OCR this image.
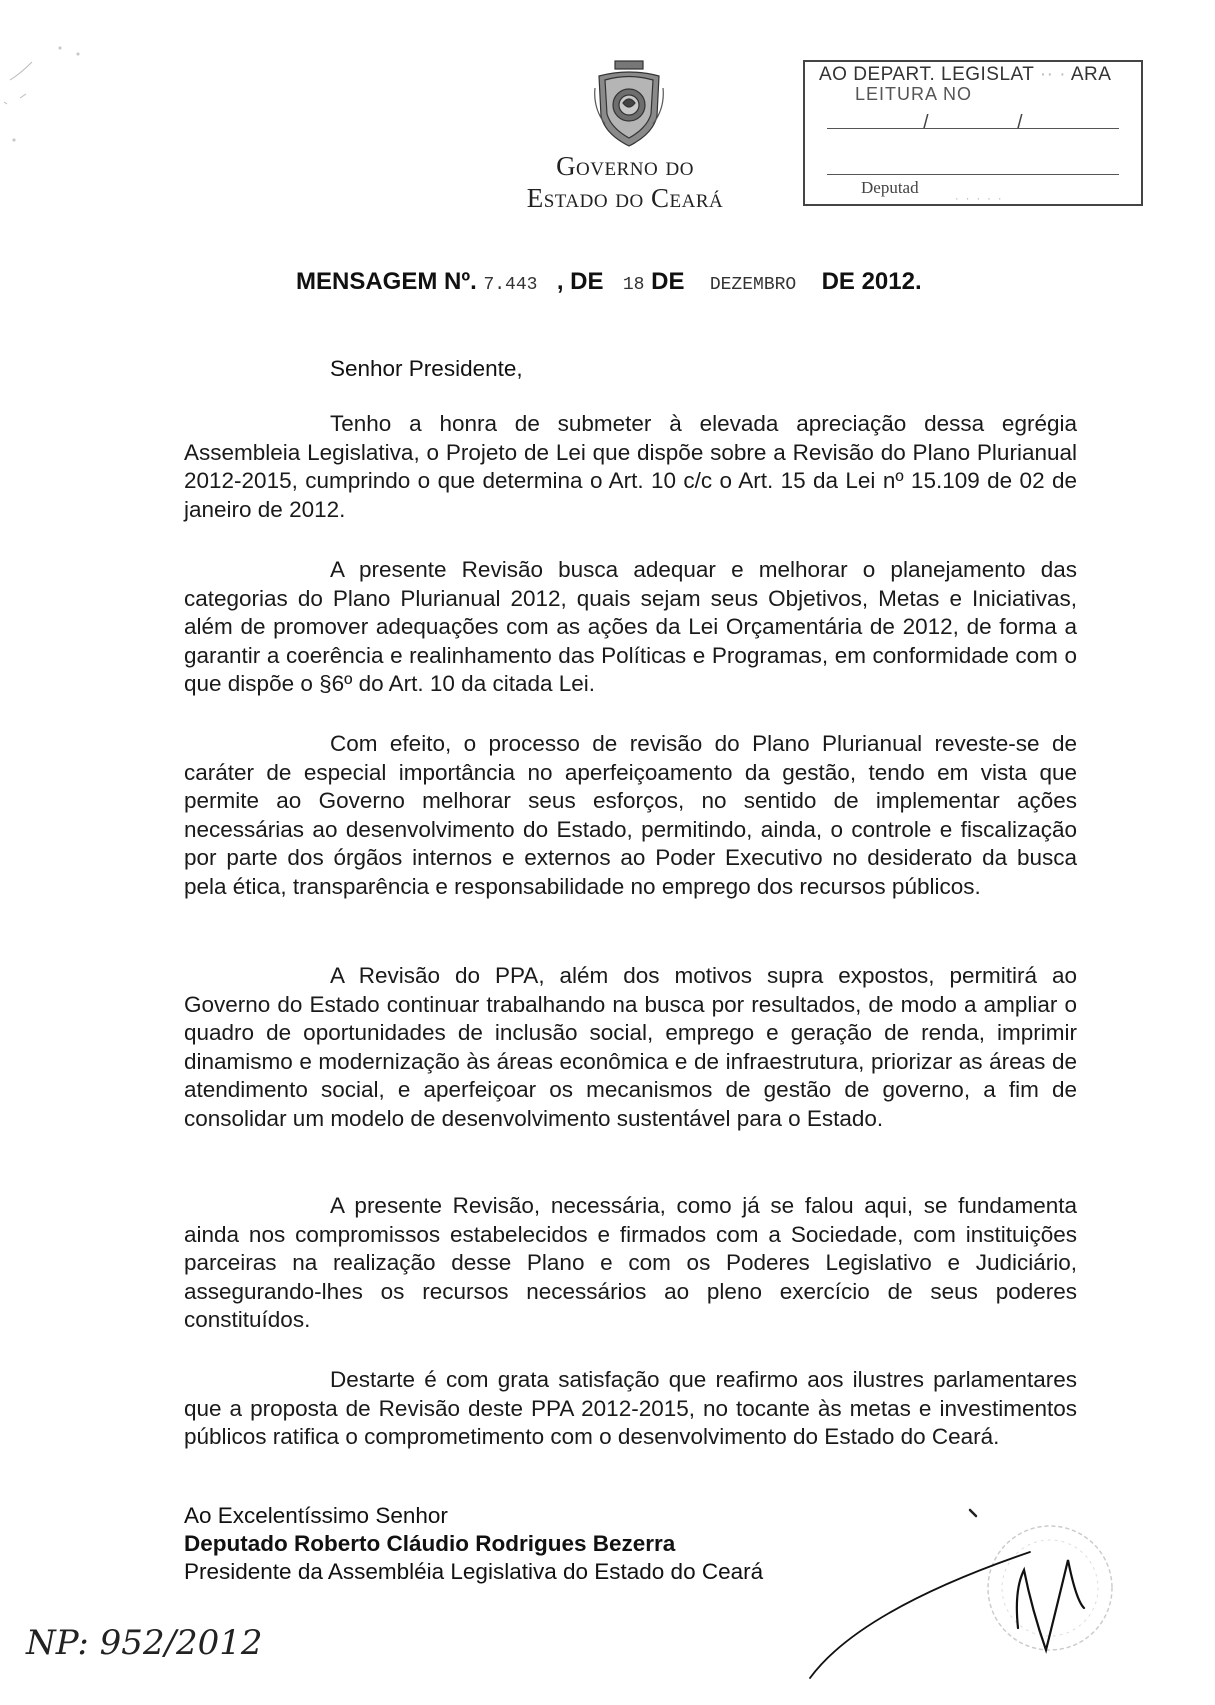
Governo do
Estado do Ceará
AO DEPART. LEGISLAT ·· · ARA
LEITURA NO
/	/
Deputad
· · · · ·
MENSAGEM Nº. 7.443 , DE 18 DE DEZEMBRO DE 2012.
Senhor Presidente,

Tenho a honra de submeter à elevada apreciação dessa egrégia Assembleia Legislativa, o Projeto de Lei que dispõe sobre a Revisão do Plano Plurianual 2012-2015, cumprindo o que determina o Art. 10 c/c o Art. 15 da Lei nº 15.109 de 02 de janeiro de 2012.

A presente Revisão busca adequar e melhorar o planejamento das categorias do Plano Plurianual 2012, quais sejam seus Objetivos, Metas e Iniciativas, além de promover adequações com as ações da Lei Orçamentária de 2012, de forma a garantir a coerência e realinhamento das Políticas e Programas, em conformidade com o que dispõe o §6º do Art. 10 da citada Lei.

Com efeito, o processo de revisão do Plano Plurianual reveste-se de caráter de especial importância no aperfeiçoamento da gestão, tendo em vista que permite ao Governo melhorar seus esforços, no sentido de implementar ações necessárias ao desenvolvimento do Estado, permitindo, ainda, o controle e fiscalização por parte dos órgãos internos e externos ao Poder Executivo no desiderato da busca pela ética, transparência e responsabilidade no emprego dos recursos públicos.

A Revisão do PPA, além dos motivos supra expostos, permitirá ao Governo do Estado continuar trabalhando na busca por resultados, de modo a ampliar o quadro de oportunidades de inclusão social, emprego e geração de renda, imprimir dinamismo e modernização às áreas econômica e de infraestrutura, priorizar as áreas de atendimento social, e aperfeiçoar os mecanismos de gestão de governo, a fim de consolidar um modelo de desenvolvimento sustentável para o Estado.

A presente Revisão, necessária, como já se falou aqui, se fundamenta ainda nos compromissos estabelecidos e firmados com a Sociedade, com instituições parceiras na realização desse Plano e com os Poderes Legislativo e Judiciário, assegurando-lhes os recursos necessários ao pleno exercício de seus poderes constituídos.

Destarte é com grata satisfação que reafirmo aos ilustres parlamentares que a proposta de Revisão deste PPA 2012-2015, no tocante às metas e investimentos públicos ratifica o comprometimento com o desenvolvimento do Estado do Ceará.

Ao Excelentíssimo Senhor
Deputado Roberto Cláudio Rodrigues Bezerra
Presidente da Assembléia Legislativa do Estado do Ceará
NP: 952/2012
